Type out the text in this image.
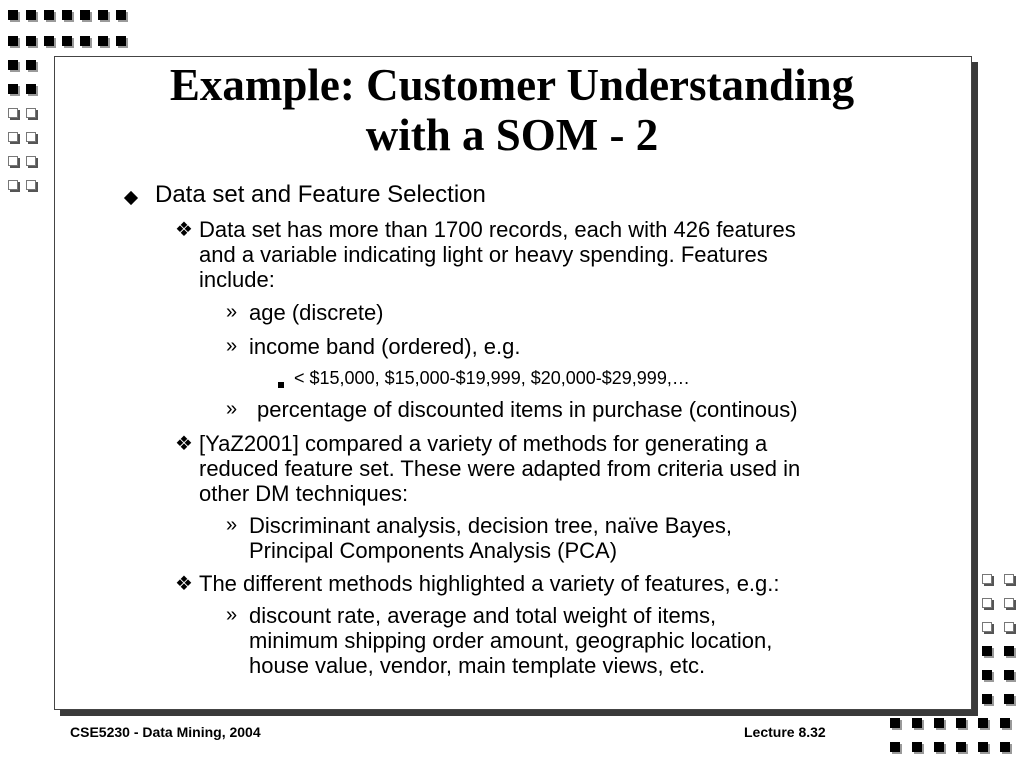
Example: Customer Understanding
with a SOM - 2
Data set and Feature Selection
❖ Data set has more than 1700 records, each with 426 features
and a variable indicating light or heavy spending. Features
include:
» age (discrete)
» income band (ordered), e.g.
< $15,000, $15,000-$19,999, $20,000-$29,999,…
» percentage of discounted items in purchase (continous)
❖ [YaZ2001] compared a variety of methods for generating a
reduced feature set. These were adapted from criteria used in
other DM techniques:
» Discriminant analysis, decision tree, naïve Bayes,
Principal Components Analysis (PCA)
❖ The different methods highlighted a variety of features, e.g.:
» discount rate, average and total weight of items,
minimum shipping order amount, geographic location,
house value, vendor, main template views, etc.
CSE5230 - Data Mining, 2004	Lecture 8.32
